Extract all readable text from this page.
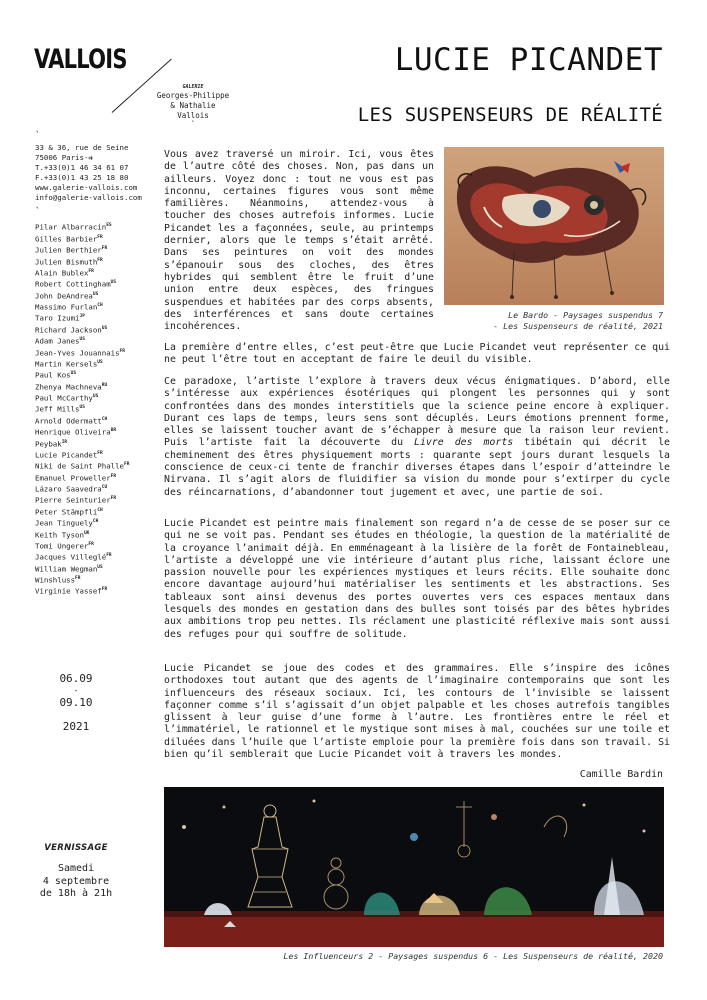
VALLOIS
GALERIE
Georges-Philippe
& Nathalie
Vallois
`
LUCIE PICANDET
LES SUSPENSEURS DE RÉALITÉ
`
33 & 36, rue de Seine
75006 Paris-⇉
T.+33(0)1 46 34 61 07
F.+33(0)1 43 25 18 80
www.galerie-vallois.com
info@galerie-vallois.com
`
Pilar Albarracín$^{ES}$
Gilles Barbier$^{FR}$
Julien Berthier$^{FR}$
Julien Bismuth$^{FR}$
Alain Bublex$^{FR}$
Robert Cottingham$^{US}$
John DeAndrea$^{US}$
Massimo Furlan$^{CH}$
Taro Izumi$^{JP}$
Richard Jackson$^{US}$
Adam Janes$^{US}$
Jean-Yves Jouannais$^{FR}$
Martin Kersels$^{US}$
Paul Kos$^{US}$
Zhenya Machneva$^{RU}$
Paul McCarthy$^{US}$
Jeff Mills$^{US}$
Arnold Odermatt$^{CH}$
Henrique Oliveira$^{BR}$
Peybak$^{IR}$
Lucie Picandet$^{FR}$
Niki de Saint Phalle$^{FR}$
Emanuel Proweller$^{FR}$
Lázaro Saavedra$^{CU}$
Pierre Seinturier$^{FR}$
Peter Stämpfli$^{CH}$
Jean Tinguely$^{CH}$
Keith Tyson$^{UK}$
Tomi Ungerer$^{FR}$
Jacques Villeglé$^{FR}$
William Wegman$^{US}$
Winshluss$^{FR}$
Virginie Yassef$^{FR}$
06.09
-
09.10
2021
VERNISSAGE
Samedi
4 septembre
de 18h à 21h

Vous avez traversé un miroir. Ici, vous êtes de l’autre côté des choses. Non, pas dans un ailleurs. Voyez donc : tout ne vous est pas inconnu, certaines figures vous sont même familières. Néanmoins, attendez-vous à toucher des choses autrefois informes. Lucie Picandet les a façonnées, seule, au printemps dernier, alors que le temps s’était arrêté. Dans ses peintures on voit des mondes s’épanouir sous des cloches, des êtres hybrides qui semblent être le fruit d’une union entre deux espèces, des fringues suspendues et habitées par des corps absents, des interférences et sans doute certaines incohérences.

La première d’entre elles, c’est peut-être que Lucie Picandet veut représenter ce qui ne peut l’être tout en acceptant de faire le deuil du visible.

Ce paradoxe, l’artiste l’explore à travers deux vécus énigmatiques. D’abord, elle s’intéresse aux expériences ésotériques qui plongent les personnes qui y sont confrontées dans des mondes interstitiels que la science peine encore à expliquer. Durant ces laps de temps, leurs sens sont décuplés. Leurs émotions prennent forme, elles se laissent toucher avant de s’échapper à mesure que la raison leur revient. Puis l’artiste fait la découverte du Livre des morts tibétain qui décrit le cheminement des êtres physiquement morts : quarante sept jours durant lesquels la conscience de ceux-ci tente de franchir diverses étapes dans l’espoir d’atteindre le Nirvana. Il s’agit alors de fluidifier sa vision du monde pour s’extirper du cycle des réincarnations, d’abandonner tout jugement et avec, une partie de soi.

Lucie Picandet est peintre mais finalement son regard n’a de cesse de se poser sur ce qui ne se voit pas. Pendant ses études en théologie, la question de la matérialité de la croyance l’animait déjà. En emménageant à la lisière de la forêt de Fontainebleau, l’artiste a développé une vie intérieure d’autant plus riche, laissant éclore une passion nouvelle pour les expériences mystiques et leurs récits. Elle souhaite donc encore davantage aujourd’hui matérialiser les sentiments et les abstractions. Ses tableaux sont ainsi devenus des portes ouvertes vers ces espaces mentaux dans lesquels des mondes en gestation dans des bulles sont toisés par des bêtes hybrides aux ambitions trop peu nettes. Ils réclament une plasticité réflexive mais sont aussi des refuges pour qui souffre de solitude.

Lucie Picandet se joue des codes et des grammaires. Elle s’inspire des icônes orthodoxes tout autant que des agents de l’imaginaire contemporains que sont les influenceurs des réseaux sociaux. Ici, les contours de l’invisible se laissent façonner comme s’il s’agissait d’un objet palpable et les choses autrefois tangibles glissent à leur guise d’une forme à l’autre. Les frontières entre le réel et l’immatériel, le rationnel et le mystique sont mises à mal, couchées sur une toile et diluées dans l’huile que l’artiste emploie pour la première fois dans son travail. Si bien qu’il semblerait que Lucie Picandet voit à travers les mondes.

Camille Bardin
Le Bardo - Paysages suspendus 7
- Les Suspenseurs de réalité, 2021
Les Influenceurs 2 - Paysages suspendus 6 - Les Suspenseurs de réalité, 2020
